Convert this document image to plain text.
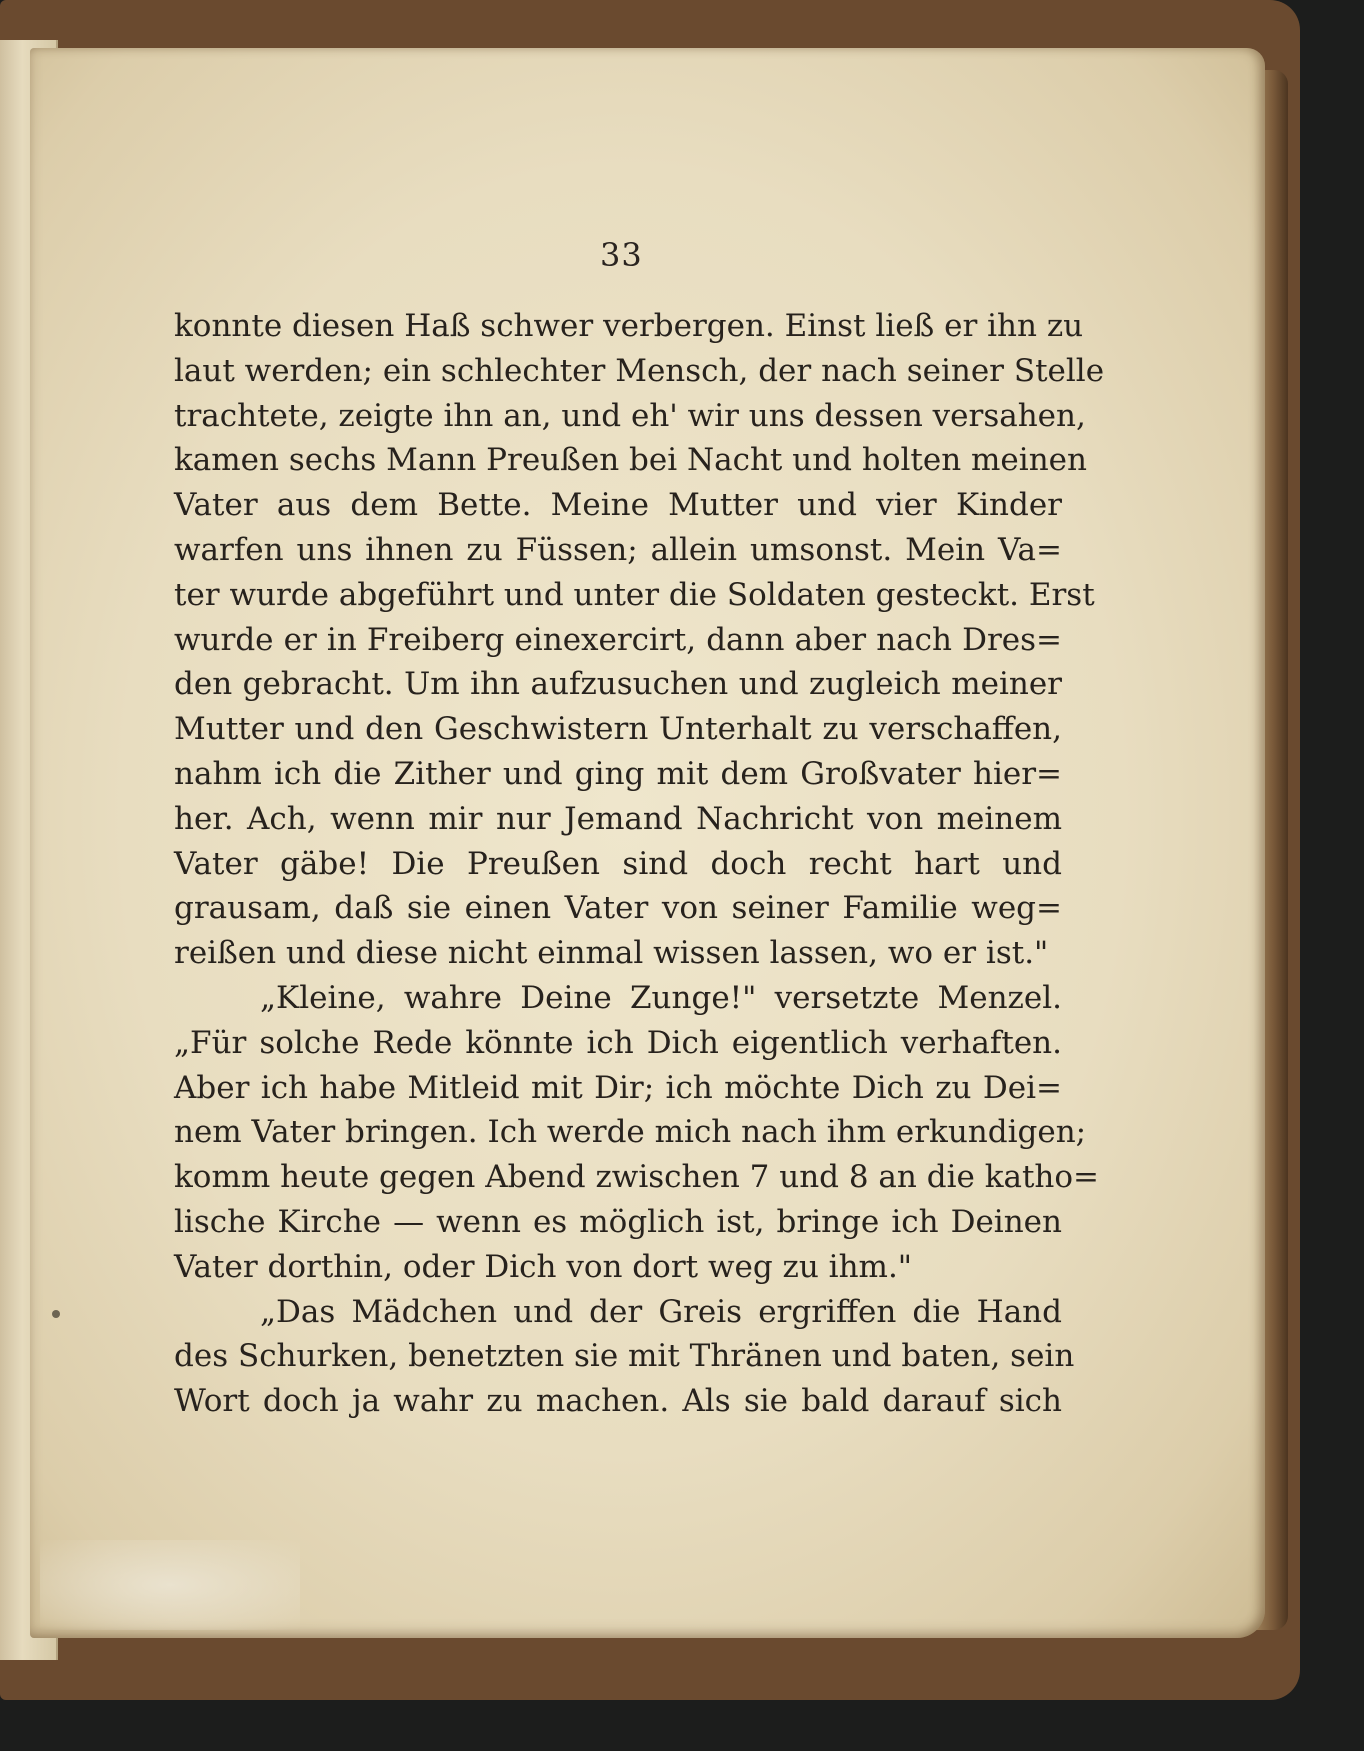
33
konnte diesen Haß schwer verbergen. Einst ließ er ihn zu
laut werden; ein schlechter Mensch, der nach seiner Stelle
trachtete, zeigte ihn an, und eh' wir uns dessen versahen,
kamen sechs Mann Preußen bei Nacht und holten meinen
Vater aus dem Bette. Meine Mutter und vier Kinder
warfen uns ihnen zu Füssen; allein umsonst. Mein Va=
ter wurde abgeführt und unter die Soldaten gesteckt. Erst
wurde er in Freiberg einexercirt, dann aber nach Dres=
den gebracht. Um ihn aufzusuchen und zugleich meiner
Mutter und den Geschwistern Unterhalt zu verschaffen,
nahm ich die Zither und ging mit dem Großvater hier=
her. Ach, wenn mir nur Jemand Nachricht von meinem
Vater gäbe! Die Preußen sind doch recht hart und
grausam, daß sie einen Vater von seiner Familie weg=
reißen und diese nicht einmal wissen lassen, wo er ist."
„Kleine, wahre Deine Zunge!" versetzte Menzel.
„Für solche Rede könnte ich Dich eigentlich verhaften.
Aber ich habe Mitleid mit Dir; ich möchte Dich zu Dei=
nem Vater bringen. Ich werde mich nach ihm erkundigen;
komm heute gegen Abend zwischen 7 und 8 an die katho=
lische Kirche — wenn es möglich ist, bringe ich Deinen
Vater dorthin, oder Dich von dort weg zu ihm."
„Das Mädchen und der Greis ergriffen die Hand
des Schurken, benetzten sie mit Thränen und baten, sein
Wort doch ja wahr zu machen. Als sie bald darauf sich
